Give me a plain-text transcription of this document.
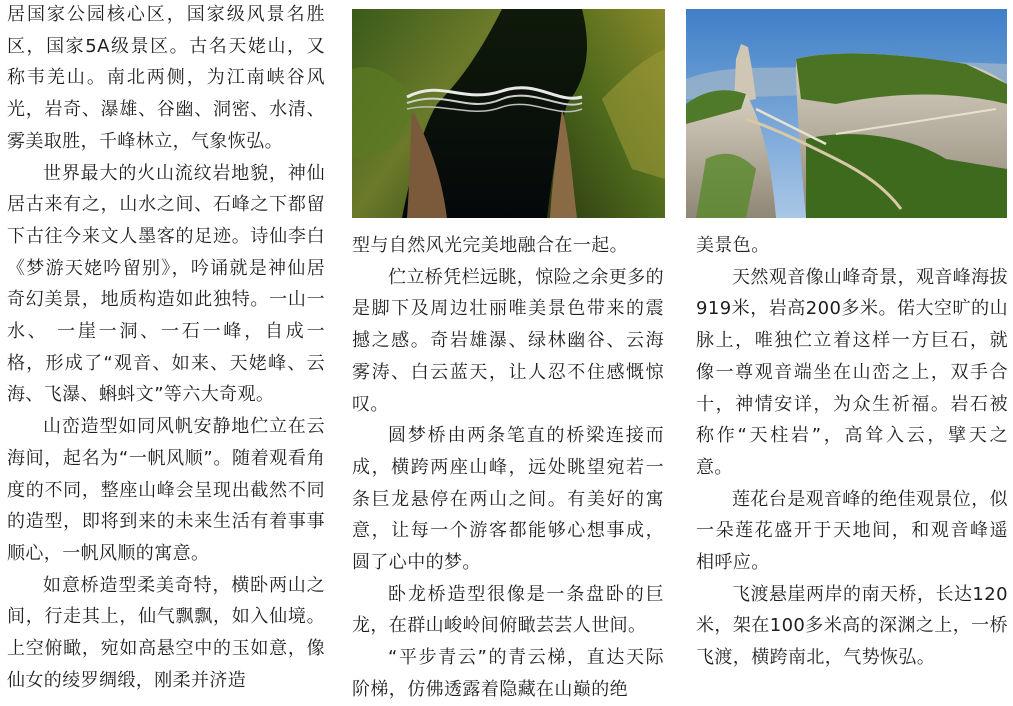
居国家公园核心区，国家级风景名胜区，国家5A级景区。古名天姥山，又称韦羌山。南北两侧，为江南峡谷风光，岩奇、瀑雄、谷幽、洞密、水清、雾美取胜，千峰林立，气象恢弘。

世界最大的火山流纹岩地貌，神仙居古来有之，山水之间、石峰之下都留下古往今来文人墨客的足迹。诗仙李白《梦游天姥吟留别》，吟诵就是神仙居奇幻美景，地质构造如此独特。一山一水、 一崖一洞、一石一峰，自成一格，形成了“观音、如来、天姥峰、云海、飞瀑、蝌蚪文”等六大奇观。

山峦造型如同风帆安静地伫立在云海间，起名为“一帆风顺”。随着观看角度的不同，整座山峰会呈现出截然不同的造型，即将到来的未来生活有着事事顺心，一帆风顺的寓意。

如意桥造型柔美奇特，横卧两山之间，行走其上，仙气飘飘，如入仙境。上空俯瞰，宛如高悬空中的玉如意，像仙女的绫罗绸缎，刚柔并济造

型与自然风光完美地融合在一起。

伫立桥凭栏远眺，惊险之余更多的是脚下及周边壮丽唯美景色带来的震撼之感。奇岩雄瀑、绿林幽谷、云海雾涛、白云蓝天，让人忍不住感慨惊叹。

圆梦桥由两条笔直的桥梁连接而成，横跨两座山峰，远处眺望宛若一条巨龙悬停在两山之间。有美好的寓意，让每一个游客都能够心想事成，圆了心中的梦。

卧龙桥造型很像是一条盘卧的巨龙，在群山峻岭间俯瞰芸芸人世间。

“平步青云”的青云梯，直达天际阶梯，仿佛透露着隐藏在山巅的绝

美景色。

天然观音像山峰奇景，观音峰海拔919米，岩高200多米。偌大空旷的山脉上，唯独伫立着这样一方巨石，就像一尊观音端坐在山峦之上，双手合十，神情安详，为众生祈福。岩石被称作“天柱岩”，高耸入云，擘天之意。

莲花台是观音峰的绝佳观景位，似一朵莲花盛开于天地间，和观音峰遥相呼应。

飞渡悬崖两岸的南天桥，长达120米，架在100多米高的深渊之上，一桥飞渡，横跨南北，气势恢弘。
